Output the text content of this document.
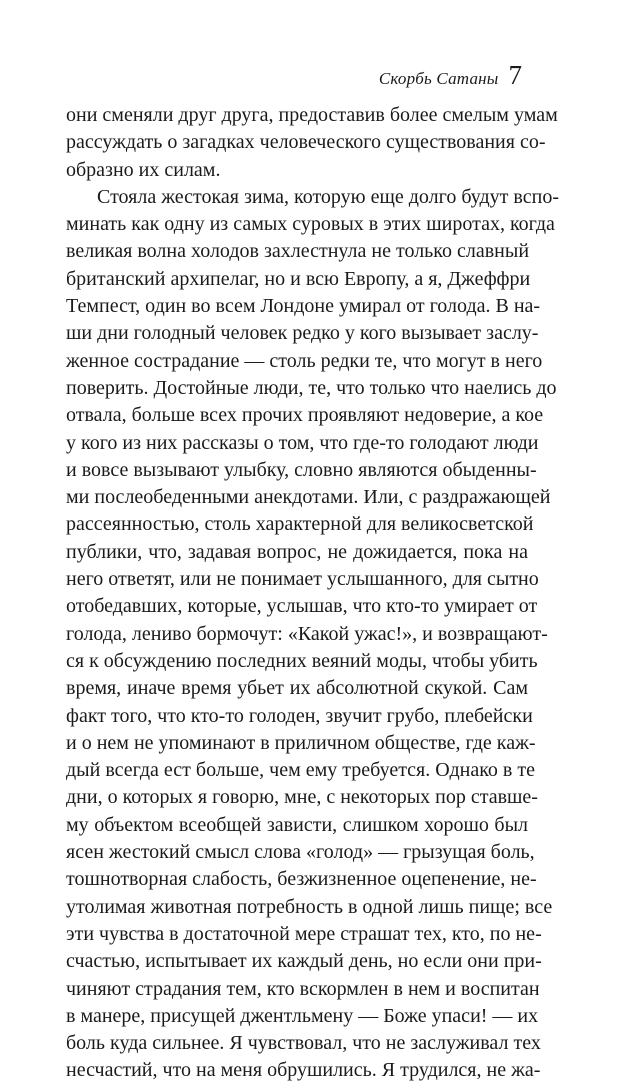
Скорбь Сатаны 7
они сменяли друг друга, предоставив более смелым умам
рассуждать о загадках человеческого существования со-
образно их силам.
Стояла жестокая зима, которую еще долго будут вспо-
минать как одну из самых суровых в этих широтах, когда
великая волна холодов захлестнула не только славный
британский архипелаг, но и всю Европу, а я, Джеффри
Темпест, один во всем Лондоне умирал от голода. В на-
ши дни голодный человек редко у кого вызывает заслу-
женное сострадание — столь редки те, что могут в него
поверить. Достойные люди, те, что только что наелись до
отвала, больше всех прочих проявляют недоверие, а кое
у кого из них рассказы о том, что где-то голодают люди
и вовсе вызывают улыбку, словно являются обыденны-
ми послеобеденными анекдотами. Или, с раздражающей
рассеянностью, столь характерной для великосветской
публики, что, задавая вопрос, не дожидается, пока на
него ответят, или не понимает услышанного, для сытно
отобедавших, которые, услышав, что кто-то умирает от
голода, лениво бормочут: «Какой ужас!», и возвращают-
ся к обсуждению последних веяний моды, чтобы убить
время, иначе время убьет их абсолютной скукой. Сам
факт того, что кто-то голоден, звучит грубо, плебейски
и о нем не упоминают в приличном обществе, где каж-
дый всегда ест больше, чем ему требуется. Однако в те
дни, о которых я говорю, мне, с некоторых пор ставше-
му объектом всеобщей зависти, слишком хорошо был
ясен жестокий смысл слова «голод» — грызущая боль,
тошнотворная слабость, безжизненное оцепенение, не-
утолимая животная потребность в одной лишь пище; все
эти чувства в достаточной мере страшат тех, кто, по не-
счастью, испытывает их каждый день, но если они при-
чиняют страдания тем, кто вскормлен в нем и воспитан
в манере, присущей джентльмену — Боже упаси! — их
боль куда сильнее. Я чувствовал, что не заслуживал тех
несчастий, что на меня обрушились. Я трудился, не жа-
